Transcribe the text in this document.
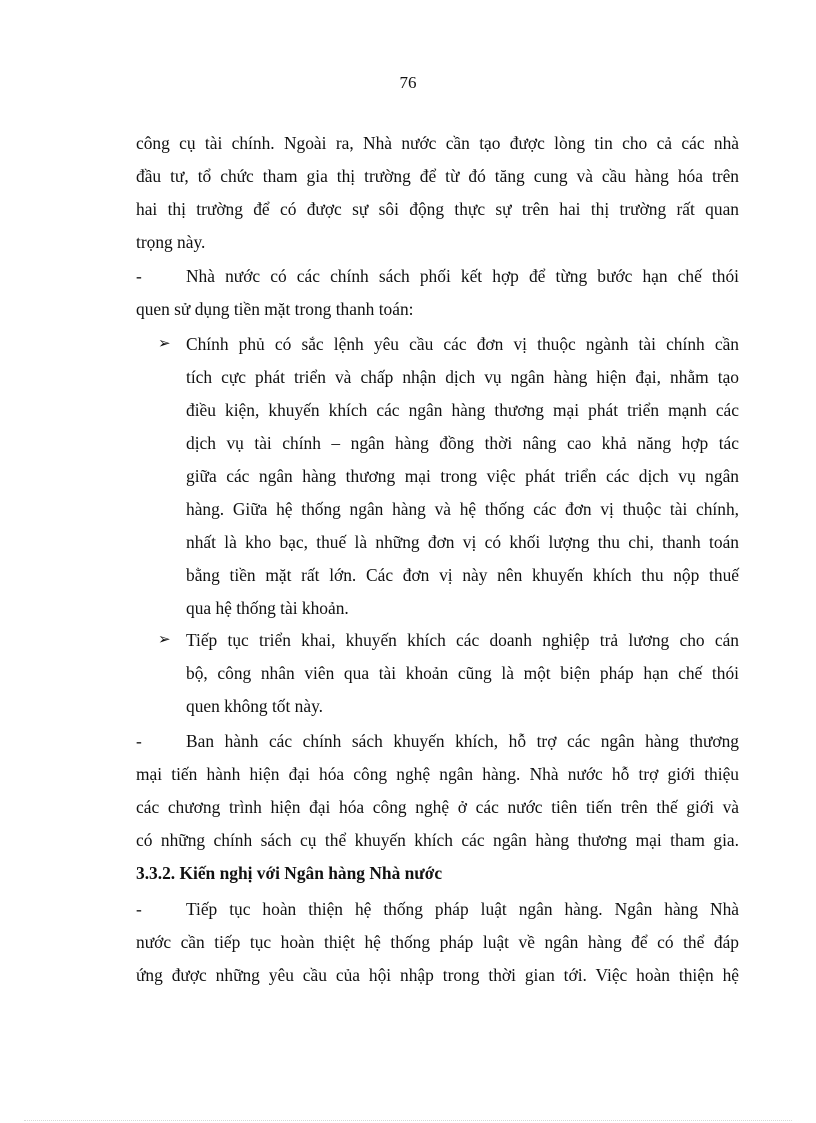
76
công cụ tài chính. Ngoài ra, Nhà nước cần tạo được lòng tin cho cả các nhà
đầu tư, tổ chức tham gia thị trường để từ đó tăng cung và cầu hàng hóa trên
hai thị trường để có được sự sôi động thực sự trên hai thị trường rất quan
trọng này.
-	Nhà nước có các chính sách phối kết hợp để từng bước hạn chế thói
quen sử dụng tiền mặt trong thanh toán:
➢ Chính phủ có sắc lệnh yêu cầu các đơn vị thuộc ngành tài chính cần
tích cực phát triển và chấp nhận dịch vụ ngân hàng hiện đại, nhằm tạo
điều kiện, khuyến khích các ngân hàng thương mại phát triển mạnh các
dịch vụ tài chính – ngân hàng đồng thời nâng cao khả năng hợp tác
giữa các ngân hàng thương mại trong việc phát triển các dịch vụ ngân
hàng. Giữa hệ thống ngân hàng và hệ thống các đơn vị thuộc tài chính,
nhất là kho bạc, thuế là những đơn vị có khối lượng thu chi, thanh toán
bằng tiền mặt rất lớn. Các đơn vị này nên khuyến khích thu nộp thuế
qua hệ thống tài khoản.
➢ Tiếp tục triển khai, khuyến khích các doanh nghiệp trả lương cho cán
bộ, công nhân viên qua tài khoản cũng là một biện pháp hạn chế thói
quen không tốt này.
-	Ban hành các chính sách khuyến khích, hỗ trợ các ngân hàng thương
mại tiến hành hiện đại hóa công nghệ ngân hàng. Nhà nước hỗ trợ giới thiệu
các chương trình hiện đại hóa công nghệ ở các nước tiên tiến trên thế giới và
có những chính sách cụ thể khuyến khích các ngân hàng thương mại tham gia.
3.3.2. Kiến nghị với Ngân hàng Nhà nước
-	Tiếp tục hoàn thiện hệ thống pháp luật ngân hàng. Ngân hàng Nhà
nước cần tiếp tục hoàn thiệt hệ thống pháp luật về ngân hàng để có thể đáp
ứng được những yêu cầu của hội nhập trong thời gian tới. Việc hoàn thiện hệ
